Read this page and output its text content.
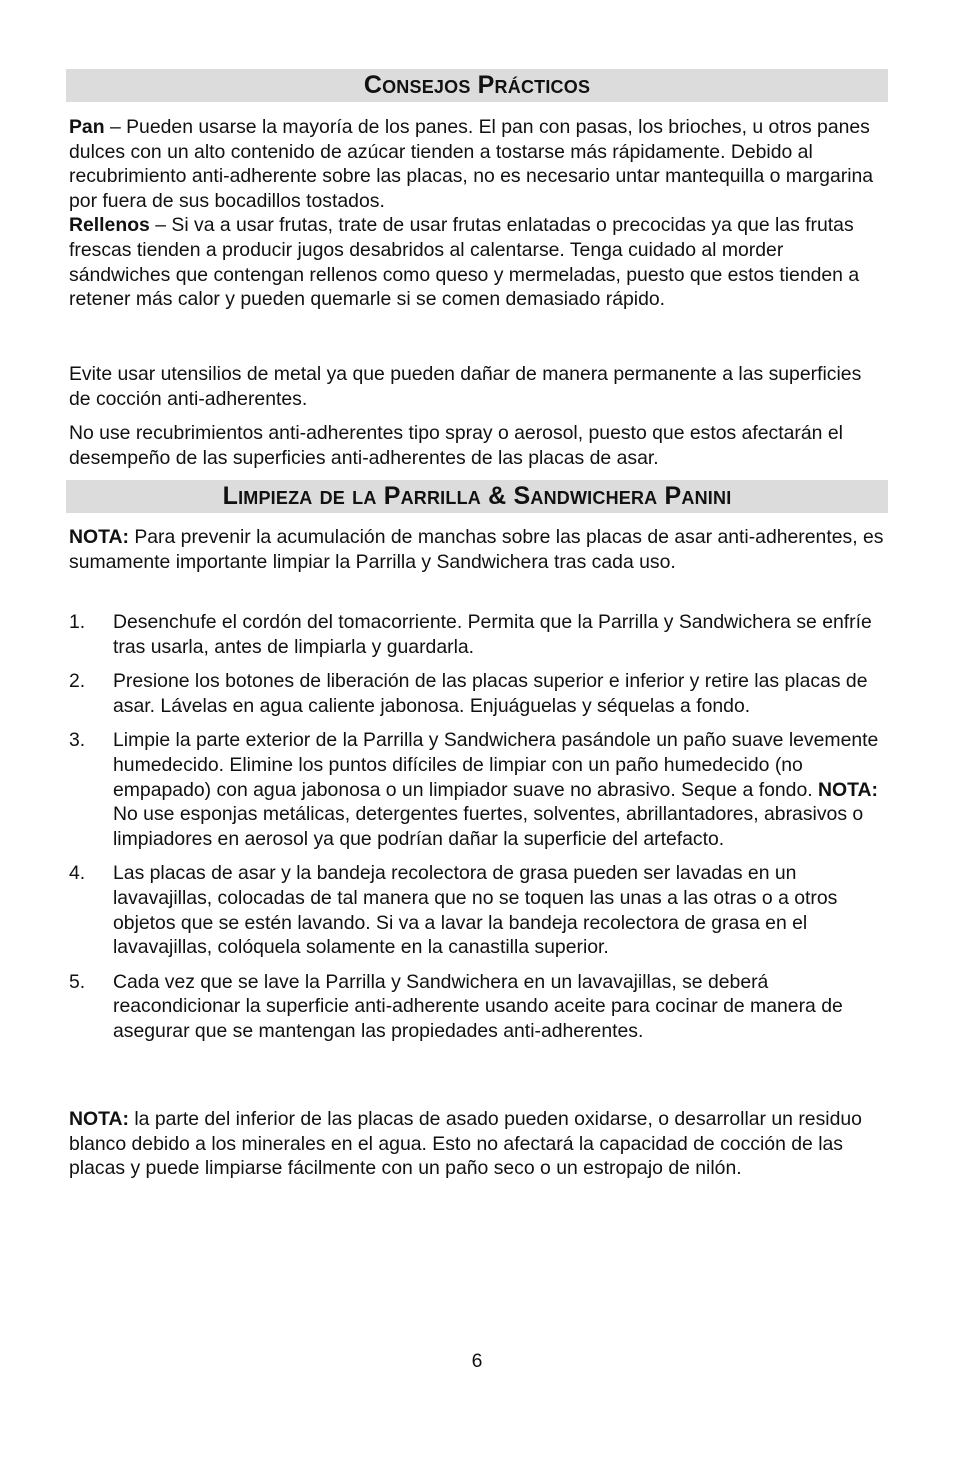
Consejos Prácticos

Pan – Pueden usarse la mayoría de los panes. El pan con pasas, los brioches, u otros panes dulces con un alto contenido de azúcar tienden a tostarse más rápidamente. Debido al recubrimiento anti-adherente sobre las placas, no es necesario untar mantequilla o margarina por fuera de sus bocadillos tostados.

Rellenos – Si va a usar frutas, trate de usar frutas enlatadas o precocidas ya que las frutas frescas tienden a producir jugos desabridos al calentarse. Tenga cuidado al morder sándwiches que contengan rellenos como queso y mermeladas, puesto que estos tienden a retener más calor y pueden quemarle si se comen demasiado rápido.

Evite usar utensilios de metal ya que pueden dañar de manera permanente a las superficies de cocción anti-adherentes.
No use recubrimientos anti-adherentes tipo spray o aerosol, puesto que estos afectarán el desempeño de las superficies anti-adherentes de las placas de asar.
Limpieza de la Parrilla & Sandwichera Panini
NOTA: Para prevenir la acumulación de manchas sobre las placas de asar anti-adherentes, es sumamente importante limpiar la Parrilla y Sandwichera tras cada uso.
1. Desenchufe el cordón del tomacorriente. Permita que la Parrilla y Sandwichera se enfríe tras usarla, antes de limpiarla y guardarla.
2. Presione los botones de liberación de las placas superior e inferior y retire las placas de asar. Lávelas en agua caliente jabonosa. Enjuáguelas y séquelas a fondo.
3. Limpie la parte exterior de la Parrilla y Sandwichera pasándole un paño suave levemente humedecido. Elimine los puntos difíciles de limpiar con un paño humedecido (no empapado) con agua jabonosa o un limpiador suave no abrasivo. Seque a fondo. NOTA: No use esponjas metálicas, detergentes fuertes, solventes, abrillantadores, abrasivos o limpiadores en aerosol ya que podrían dañar la superficie del artefacto.
4. Las placas de asar y la bandeja recolectora de grasa pueden ser lavadas en un lavavajillas, colocadas de tal manera que no se toquen las unas a las otras o a otros objetos que se estén lavando. Si va a lavar la bandeja recolectora de grasa en el lavavajillas, colóquela solamente en la canastilla superior.
5. Cada vez que se lave la Parrilla y Sandwichera en un lavavajillas, se deberá reacondicionar la superficie anti-adherente usando aceite para cocinar de manera de asegurar que se mantengan las propiedades anti-adherentes.
NOTA: la parte del inferior de las placas de asado pueden oxidarse, o desarrollar un residuo blanco debido a los minerales en el agua. Esto no afectará la capacidad de cocción de las placas y puede limpiarse fácilmente con un paño seco o un estropajo de nilón.
6
